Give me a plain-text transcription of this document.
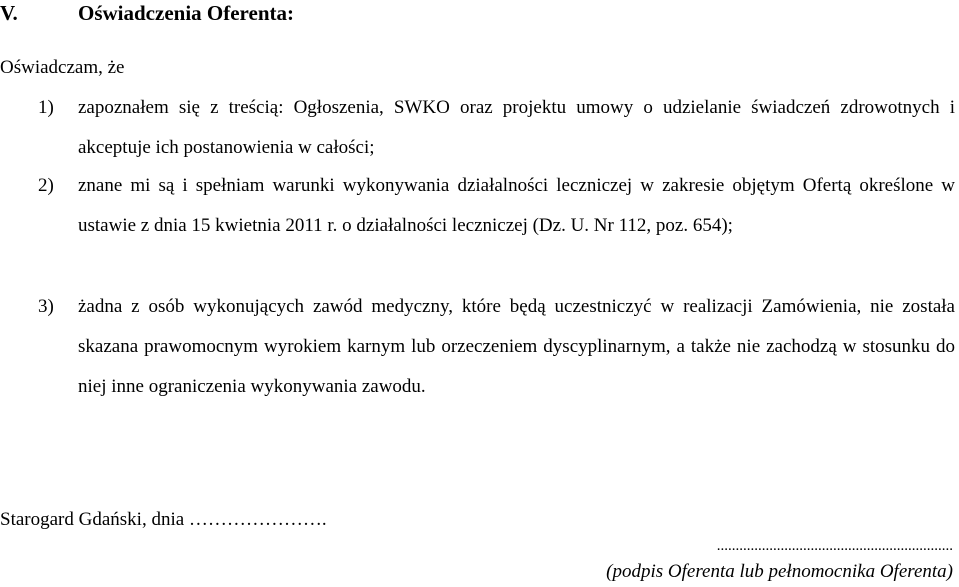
V.	Oświadczenia Oferenta:
Oświadczam, że
1) zapoznałem się z treścią: Ogłoszenia, SWKO oraz projektu umowy o udzielanie świadczeń zdrowotnych i akceptuje ich postanowienia w całości;
2) znane mi są i spełniam warunki wykonywania działalności leczniczej w zakresie objętym Ofertą określone w ustawie z dnia 15 kwietnia 2011 r. o działalności leczniczej (Dz. U. Nr 112, poz. 654);
3) żadna z osób wykonujących zawód medyczny, które będą uczestniczyć w realizacji Zamówienia, nie została skazana prawomocnym wyrokiem karnym lub orzeczeniem dyscyplinarnym, a także nie zachodzą w stosunku do niej inne ograniczenia wykonywania zawodu.
Starogard Gdański, dnia ………………….
...............................................................
(podpis Oferenta lub pełnomocnika Oferenta)
